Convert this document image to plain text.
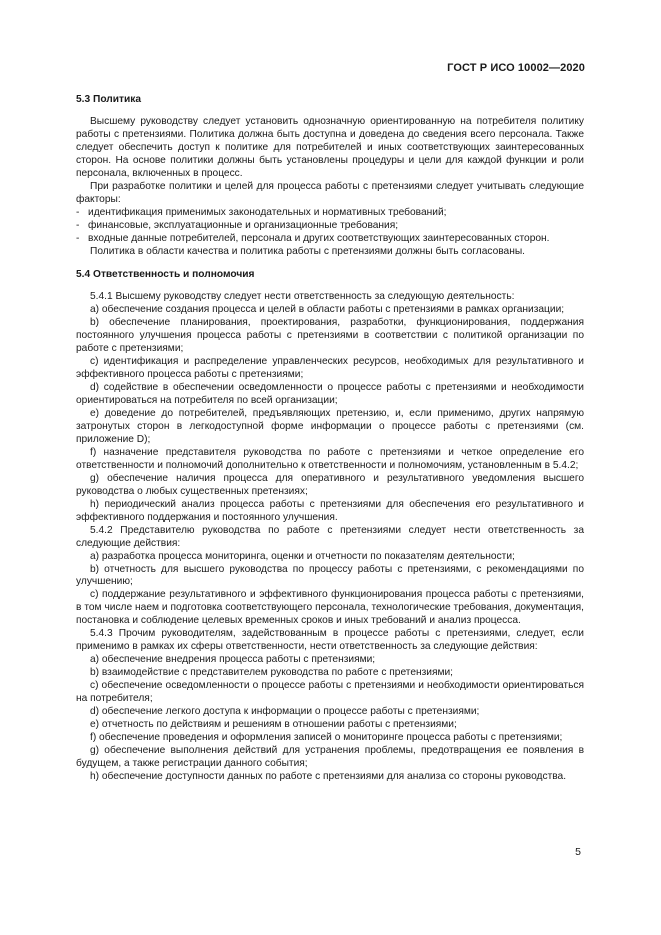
ГОСТ Р ИСО 10002—2020
5.3 Политика

Высшему руководству следует установить однозначную ориентированную на потребителя политику работы с претензиями. Политика должна быть доступна и доведена до сведения всего персонала. Также следует обеспечить доступ к политике для потребителей и иных соответствующих заинтересованных сторон. На основе политики должны быть установлены процедуры и цели для каждой функции и роли персонала, включенных в процесс.

При разработке политики и целей для процесса работы с претензиями следует учитывать следующие факторы:

- идентификация применимых законодательных и нормативных требований;
- финансовые, эксплуатационные и организационные требования;
- входные данные потребителей, персонала и других соответствующих заинтересованных сторон.

Политика в области качества и политика работы с претензиями должны быть согласованы.

5.4 Ответственность и полномочия

5.4.1 Высшему руководству следует нести ответственность за следующую деятельность:

а) обеспечение создания процесса и целей в области работы с претензиями в рамках организации;

b) обеспечение планирования, проектирования, разработки, функционирования, поддержания постоянного улучшения процесса работы с претензиями в соответствии с политикой организации по работе с претензиями;

с) идентификация и распределение управленческих ресурсов, необходимых для результативного и эффективного процесса работы с претензиями;

d) содействие в обеспечении осведомленности о процессе работы с претензиями и необходимости ориентироваться на потребителя по всей организации;

е) доведение до потребителей, предъявляющих претензию, и, если применимо, других напрямую затронутых сторон в легкодоступной форме информации о процессе работы с претензиями (см. приложение D);

f) назначение представителя руководства по работе с претензиями и четкое определение его ответственности и полномочий дополнительно к ответственности и полномочиям, установленным в 5.4.2;

g) обеспечение наличия процесса для оперативного и результативного уведомления высшего руководства о любых существенных претензиях;

h) периодический анализ процесса работы с претензиями для обеспечения его результативного и эффективного поддержания и постоянного улучшения.

5.4.2 Представителю руководства по работе с претензиями следует нести ответственность за следующие действия:

а) разработка процесса мониторинга, оценки и отчетности по показателям деятельности;

b) отчетность для высшего руководства по процессу работы с претензиями, с рекомендациями по улучшению;

с) поддержание результативного и эффективного функционирования процесса работы с претензиями, в том числе наем и подготовка соответствующего персонала, технологические требования, документация, постановка и соблюдение целевых временных сроков и иных требований и анализ процесса.

5.4.3 Прочим руководителям, задействованным в процессе работы с претензиями, следует, если применимо в рамках их сферы ответственности, нести ответственность за следующие действия:

а) обеспечение внедрения процесса работы с претензиями;

b) взаимодействие с представителем руководства по работе с претензиями;

с) обеспечение осведомленности о процессе работы с претензиями и необходимости ориентироваться на потребителя;

d) обеспечение легкого доступа к информации о процессе работы с претензиями;

е) отчетность по действиям и решениям в отношении работы с претензиями;

f) обеспечение проведения и оформления записей о мониторинге процесса работы с претензиями;

g) обеспечение выполнения действий для устранения проблемы, предотвращения ее появления в будущем, а также регистрации данного события;

h) обеспечение доступности данных по работе с претензиями для анализа со стороны руководства.

5
